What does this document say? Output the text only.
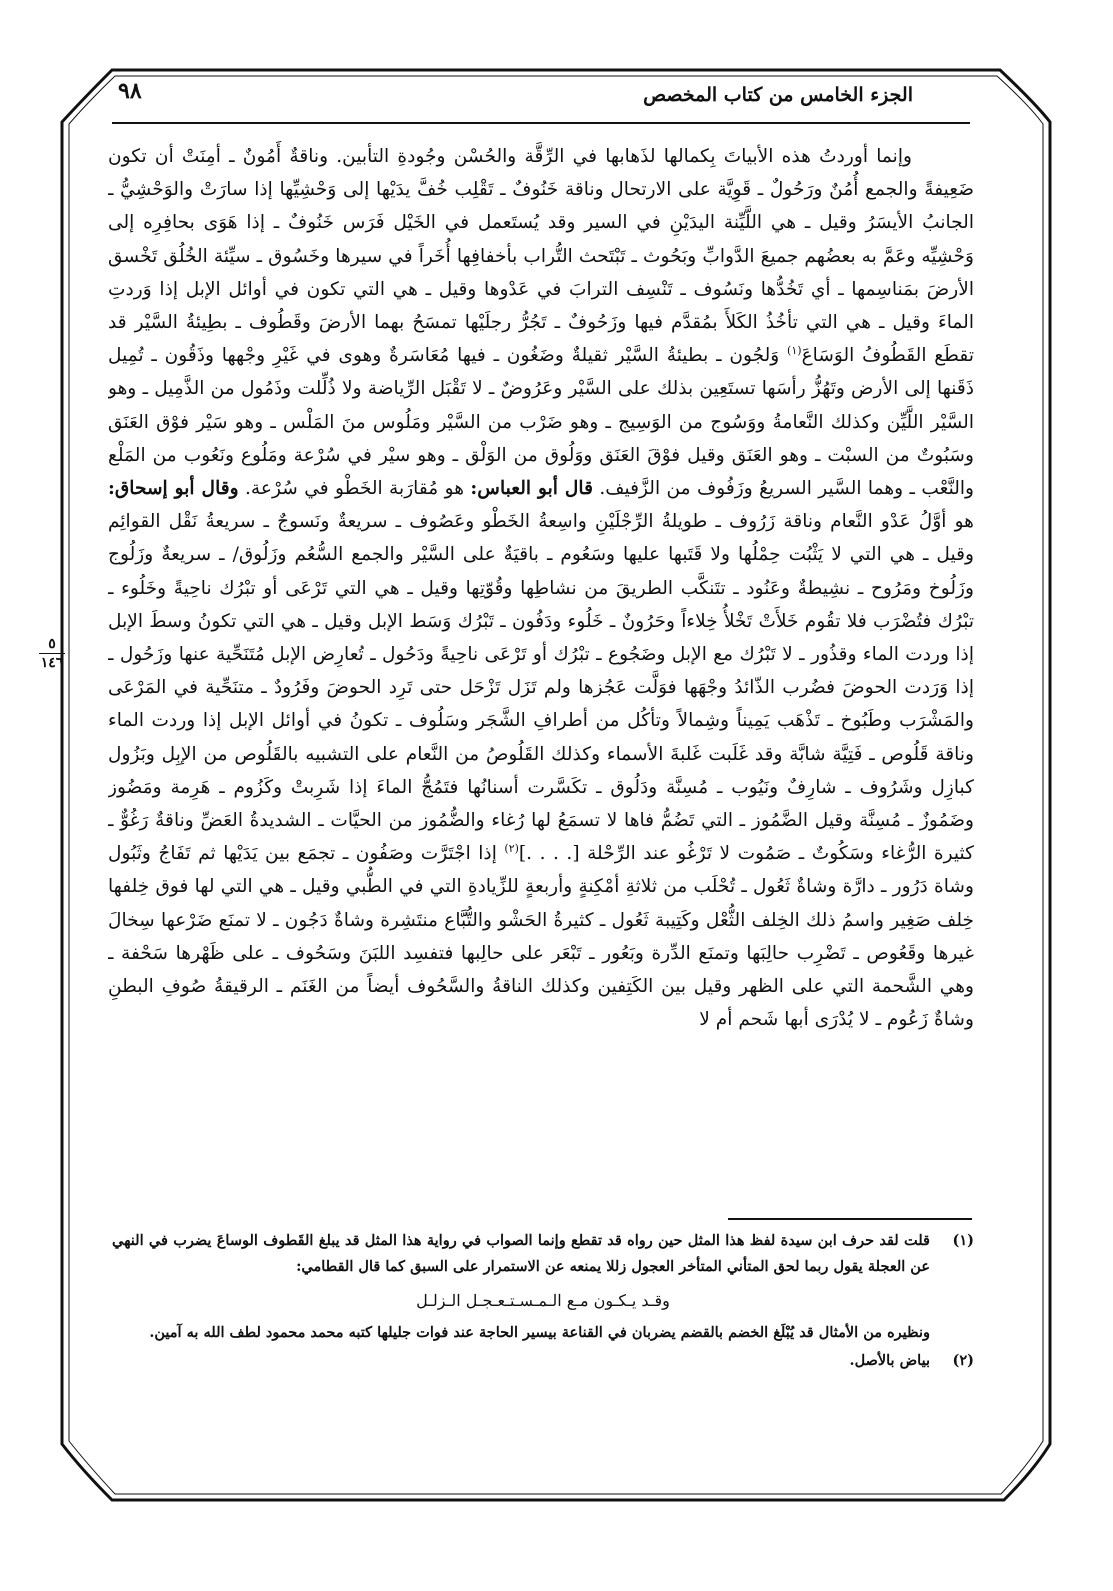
٩٨	الجزء الخامس من كتاب المخصص

وإنما أوردتُ هذه الأبياتَ بِكمالها لذَهابها في الرِّقَّة والحُسْن وجُودةِ التأبين. وناقةٌ أَمُونٌ ـ أمِنَتْ أن تكون ضَعِيفةً والجمع أُمُنٌ ورَحُولٌ ـ قَوِيَّة على الارتحال وناقة خَنُوفٌ ـ تَقْلِب خُفَّ يدَيْها إلى وَحْشِيِّها إذا سارَتْ والوَحْشِيُّ ـ الجانبُ الأيسَرُ وقيل ـ هي اللَّيِّنة اليدَيْنِ في السير وقد يُستَعمل في الخَيْل فَرَس خَنُوفٌ ـ إذا هَوَى بحافِرِه إلى وَحْشِيِّه وعَمَّ به بعضُهم جميعَ الدَّوابِّ وبَحُوث ـ تَبْتَحث التُّراب بأخفافِها أُخَراً في سيرها وخَسُوق ـ سيِّئة الخُلُق تَخْسق الأرضَ بمَناسِمها ـ أي تَخُدُّها ونَسُوف ـ تَنْسِف الترابَ في عَدْوها وقيل ـ هي التي تكون في أوائل الإبل إذا وَردتِ الماءَ وقيل ـ هي التي تأخُذُ الكَلأَ بمُقدَّم فيها وزَحُوفٌ ـ تَجُرُّ رجلَيْها تمسَحُ بهما الأرضَ وقَطُوف ـ بطِيئةُ السَّيْر قد تقطَع القَطُوفُ الوَسَاعَ$^{(١)}$ وَلجُون ـ بطيئةُ السَّيْر ثقيلةٌ وضَغُون ـ فيها مُعَاسَرةٌ وهوى في غَيْرِ وجْهها وذَقُون ـ تُمِيل ذَقَنها إلى الأرض وتَهُزُّ رأسَها تستَعِين بذلك على السَّيْر وعَرُوضٌ ـ لا تَقْبَل الرِّياضة ولا ذُلِّلت وذَمُول من الذَّمِيل ـ وهو السَّيْر اللَّيِّن وكذلك النَّعامةُ ووَسُوج من الوَسِيج ـ وهو ضَرْب من السَّيْر ومَلُوس منَ المَلْس ـ وهو سَيْر فوْق العَنَق وسَبُوتٌ من السبْت ـ وهو العَنَق وقيل فوْقَ العَنَق ووَلُوق من الوَلْق ـ وهو سيْر في سُرْعة ومَلُوع ونَعُوب من المَلْع والنَّعْب ـ وهما السَّير السريعُ وزَفُوف من الزَّفيف. قال أبو العباس: هو مُقارَبة الخَطْو في سُرْعة. وقال أبو إسحاق: هو أوَّلُ عَدْو النَّعام وناقة زَرُوف ـ طويلةُ الرِّجْلَيْنِ واسِعةُ الخَطْو وعَصُوف ـ سريعةٌ ونَسوجٌ ـ سريعةُ نَقْل القوائِم وقيل ـ هي التي لا يَثْبُت حِمْلُها ولا قَتَبها عليها وسَعُوم ـ باقيَةٌ على السَّيْر والجمع السُّعُم وزَلُوق/ ـ سريعةٌ وزَلُوج وزَلُوخ ومَرُوح ـ نشِيطةٌ وعَنُود ـ تتَنكَّب الطريقَ من نشاطِها وقُوّتِها وقيل ـ هي التي تَرْعَى أو تبْرُك ناحِيةً وخَلُوء ـ تبْرُك فتُضْرَب فلا تقُوم خَلأَتْ تَخْلأُ خِلاءاً وحَرُونٌ ـ خَلُوء ودَفُون ـ تَبْرُك وَسَط الإبل وقيل ـ هي التي تكونُ وسطَ الإبل إذا وردت الماء وقذُور ـ لا تَبْرُك مع الإبل وضَجُوع ـ تبْرُك أو تَرْعَى ناحِيةً ودَحُول ـ تُعارِض الإبل مُتَنَحِّية عنها وزَحُول ـ إذا وَرَدت الحوضَ فضُرب الذّائدُ وجْهَها فوَلَّت عَجُزها ولم تَزَل تَزْحَل حتى تَرِد الحوضَ وفَرُودٌ ـ متنَحِّية في المَرْعَى والمَشْرَب وطَبُوخ ـ تَذْهَب يَمِيناً وشِمالاً وتأكُل من أطرافِ الشَّجَر وسَلُوف ـ تكونُ في أوائل الإبل إذا وردت الماء وناقة قَلُوص ـ فَتِيَّة شابَّة وقد غَلَبت غَلبةَ الأسماء وكذلك القَلُوصُ من النَّعام على التشبيه بالقَلُوص من الإبِل وبَزُول كبازِل وشَرُوف ـ شارِفٌ ونَيُوب ـ مُسِنَّة ودَلُوق ـ تكَسَّرت أسنانُها فتَمُجُّ الماءَ إذا شَرِبتْ وكَزُوم ـ هَرِمة ومَضُوز وضَمُوزٌ ـ مُسِنَّة وقيل الضَّمُوز ـ التي تَضُمُّ فاها لا تسمَعُ لها رُغاء والضُّمُوز من الحيَّات ـ الشديدةُ العَضِّ وناقةٌ رَغُوٌّ ـ كثيرة الرُّغاء وسَكُوتٌ ـ صَمُوت لا تَرْغُو عند الرِّحْلة [. . . .]$^{(٢)}$ إذا اجْتَرَّت وصَفُون ـ تجمَع بين يَدَيْها ثم تَفَاجُ وثَبُول وشاة دَرُور ـ دارَّة وشاةٌ ثَعُول ـ تُحْلَب من ثلاثةِ أمْكِنةٍ وأربعةٍ للزِّيادةِ التي في الطُّبي وقيل ـ هي التي لها فوق خِلفها خِلف صَغِير واسمُ ذلك الخِلف الثُّعْل وكَتِيبة ثَعُول ـ كثيرةُ الحَشْو والتُّبَّاع منتَشِرة وشاةٌ دَجُون ـ لا تمنَع ضَرْعها سِخالَ غيرها وقَعُوص ـ تَضْرِب حالِبَها وتمنَع الدِّرة وبَعُور ـ تَبْعَر على حالِبها فتفسِد اللبَنَ وسَحُوف ـ على ظَهْرها سَحْفة ـ وهي الشَّحمة التي على الظهر وقيل بين الكَتِفين وكذلك الناقةُ والسَّحُوف أيضاً من الغَنَم ـ الرقيقةُ صُوفِ البطنِ وشاةٌ زَعُوم ـ لا يُدْرَى أبها شَحم أم لا

٥
١٤٦

(١)
قلت لقد حرف ابن سيدة لفظ هذا المثل حين رواه قد تقطع وإنما الصواب في رواية هذا المثل قد يبلغ القَطوف الوساعَ يضرب في النهي عن العجلة يقول ربما لحق المتأني المتأخر العجول زللا يمنعه عن الاستمرار على السبق كما قال القطامي:

وقـد يـكـون مـع الـمـسـتـعـجـل الـزلـل

ونظيره من الأمثال قد يُبْلَغ الخضم بالقضم يضربان في القناعة بيسير الحاجة عند فوات جليلها كتبه محمد محمود لطف الله به آمين.

(٢)
بياض بالأصل.
